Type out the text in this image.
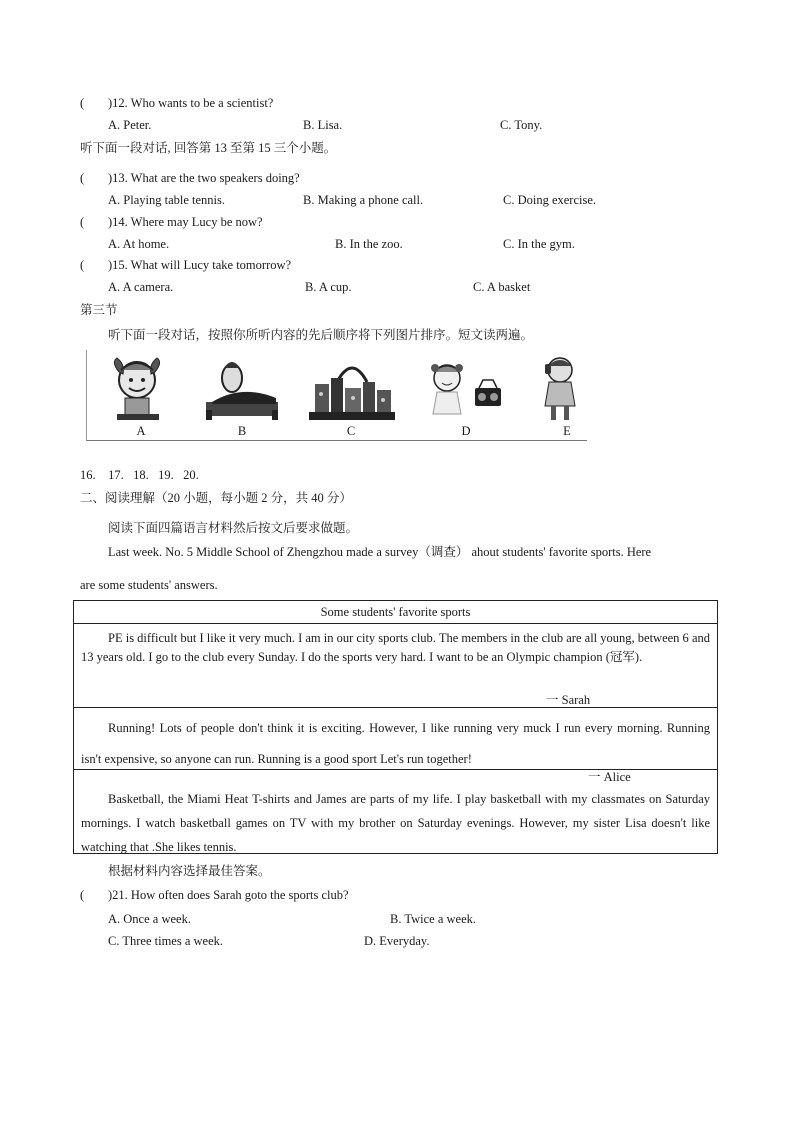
( )12. Who wants to be a scientist?
A. Peter.	B. Lisa.	C. Tony.
听下面一段对话, 回答第 13 至第 15 三个小题。
( )13. What are the two speakers doing?
A. Playing table tennis.	B. Making a phone call.	C. Doing exercise.
( )14. Where may Lucy be now?
A. At home.	B. In the zoo.	C. In the gym.
( )15. What will Lucy take tomorrow?
A. A camera.	B. A cup.	C. A basket
第三节
听下面一段对话，按照你所听内容的先后顺序将下列图片排序。短文读两遍。
A	B	C	D	E
16.    17.   18.   19.   20.
二、阅读理解（20 小题，每小题 2 分，共 40 分）
阅读下面四篇语言材料然后按文后要求做题。
Last week. No. 5 Middle School of Zhengzhou made a survey（调查） ahout students' favorite sports. Here
are some students' answers.
Some students' favorite sports

PE is difficult but I like it very much. I am in our city sports club. The members in the club are all young, between 6 and 13 years old. I go to the club every Sunday. I do the sports very hard. I want to be an Olympic champion (冠军).

一 Sarah

Running! Lots of people don't think it is exciting. However, I like running very muck I run every morning. Running isn't expensive, so anyone can run. Running is a good sport Let's run together!

一 Alice

Basketball, the Miami Heat T-shirts and James are parts of my life. I play basketball with my classmates on Saturday mornings. I watch basketball games on TV with my brother on Saturday evenings. However, my sister Lisa doesn't like watching that .She likes tennis.

根据材料内容选择最佳答案。
( )21. How often does Sarah goto the sports club?
A. Once a week.	B. Twice a week.
C. Three times a week.	D. Everyday.
